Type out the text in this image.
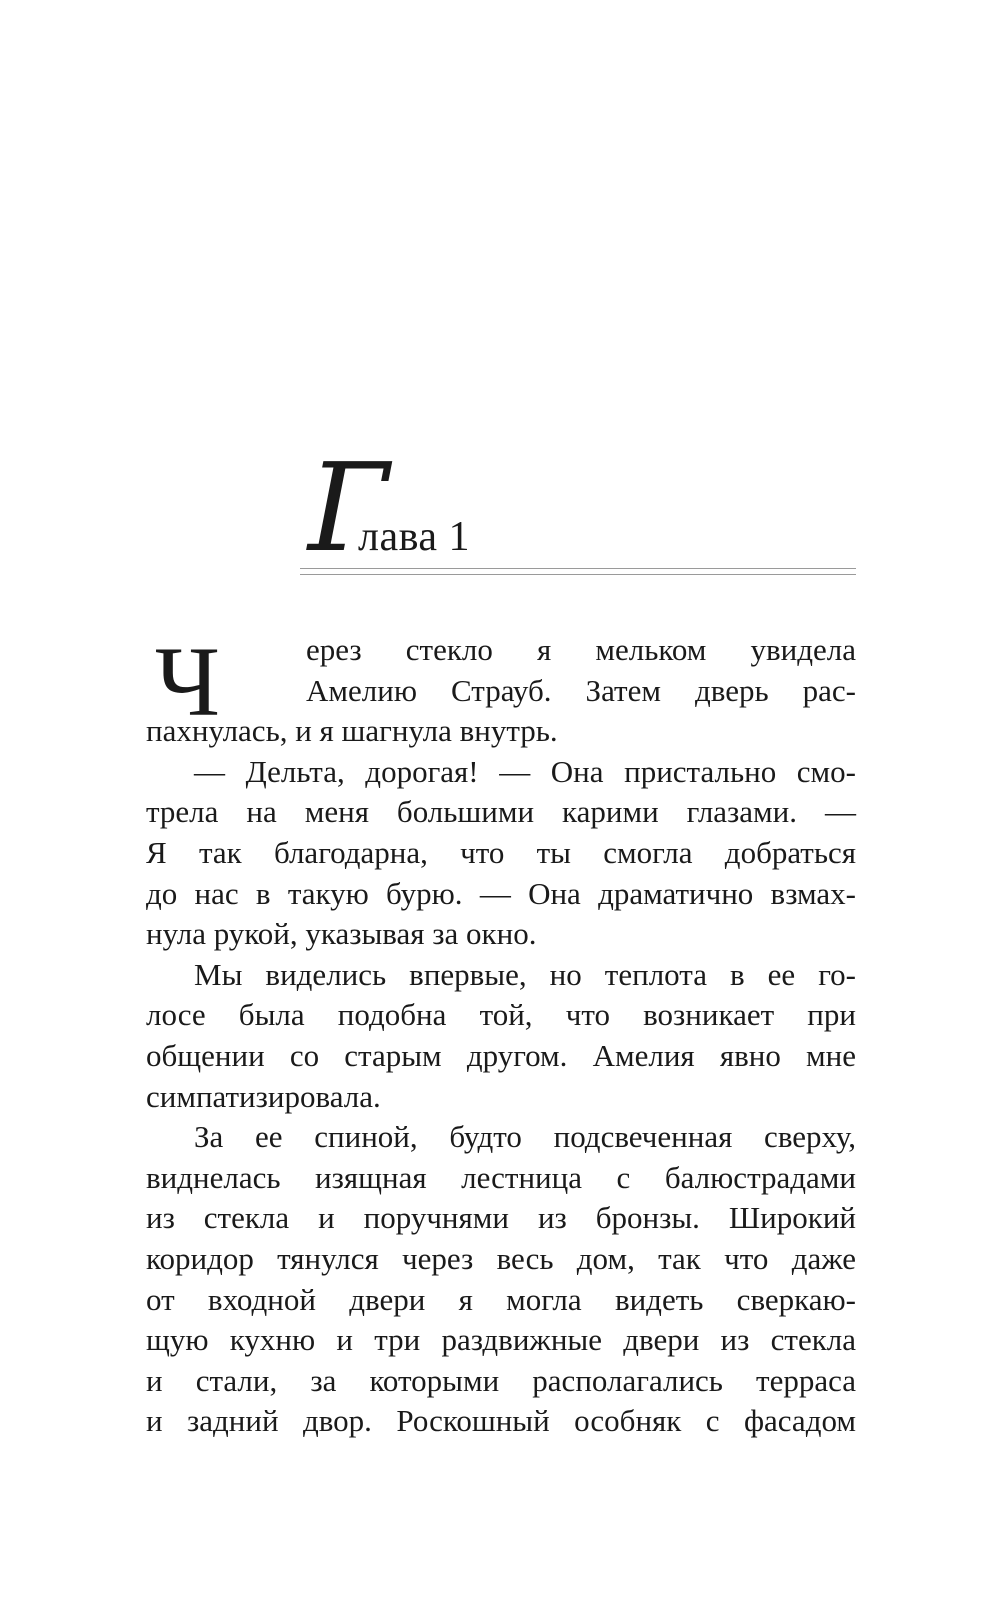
Г
лава 1
Ч	ерез стекло я мельком увидела
Амелию Страуб. Затем дверь рас-
пахнулась, и я шагнула внутрь.
— Дельта, дорогая! — Она пристально смо-
трела на меня большими карими глазами. —
Я так благодарна, что ты смогла добраться
до нас в такую бурю. — Она драматично взмах-
нула рукой, указывая за окно.
Мы виделись впервые, но теплота в ее го-
лосе была подобна той, что возникает при
общении со старым другом. Амелия явно мне
симпатизировала.
За ее спиной, будто подсвеченная сверху,
виднелась изящная лестница с балюстрадами
из стекла и поручнями из бронзы. Широкий
коридор тянулся через весь дом, так что даже
от входной двери я могла видеть сверкаю-
щую кухню и три раздвижные двери из стекла
и стали, за которыми располагались терраса
и задний двор. Роскошный особняк с фасадом
